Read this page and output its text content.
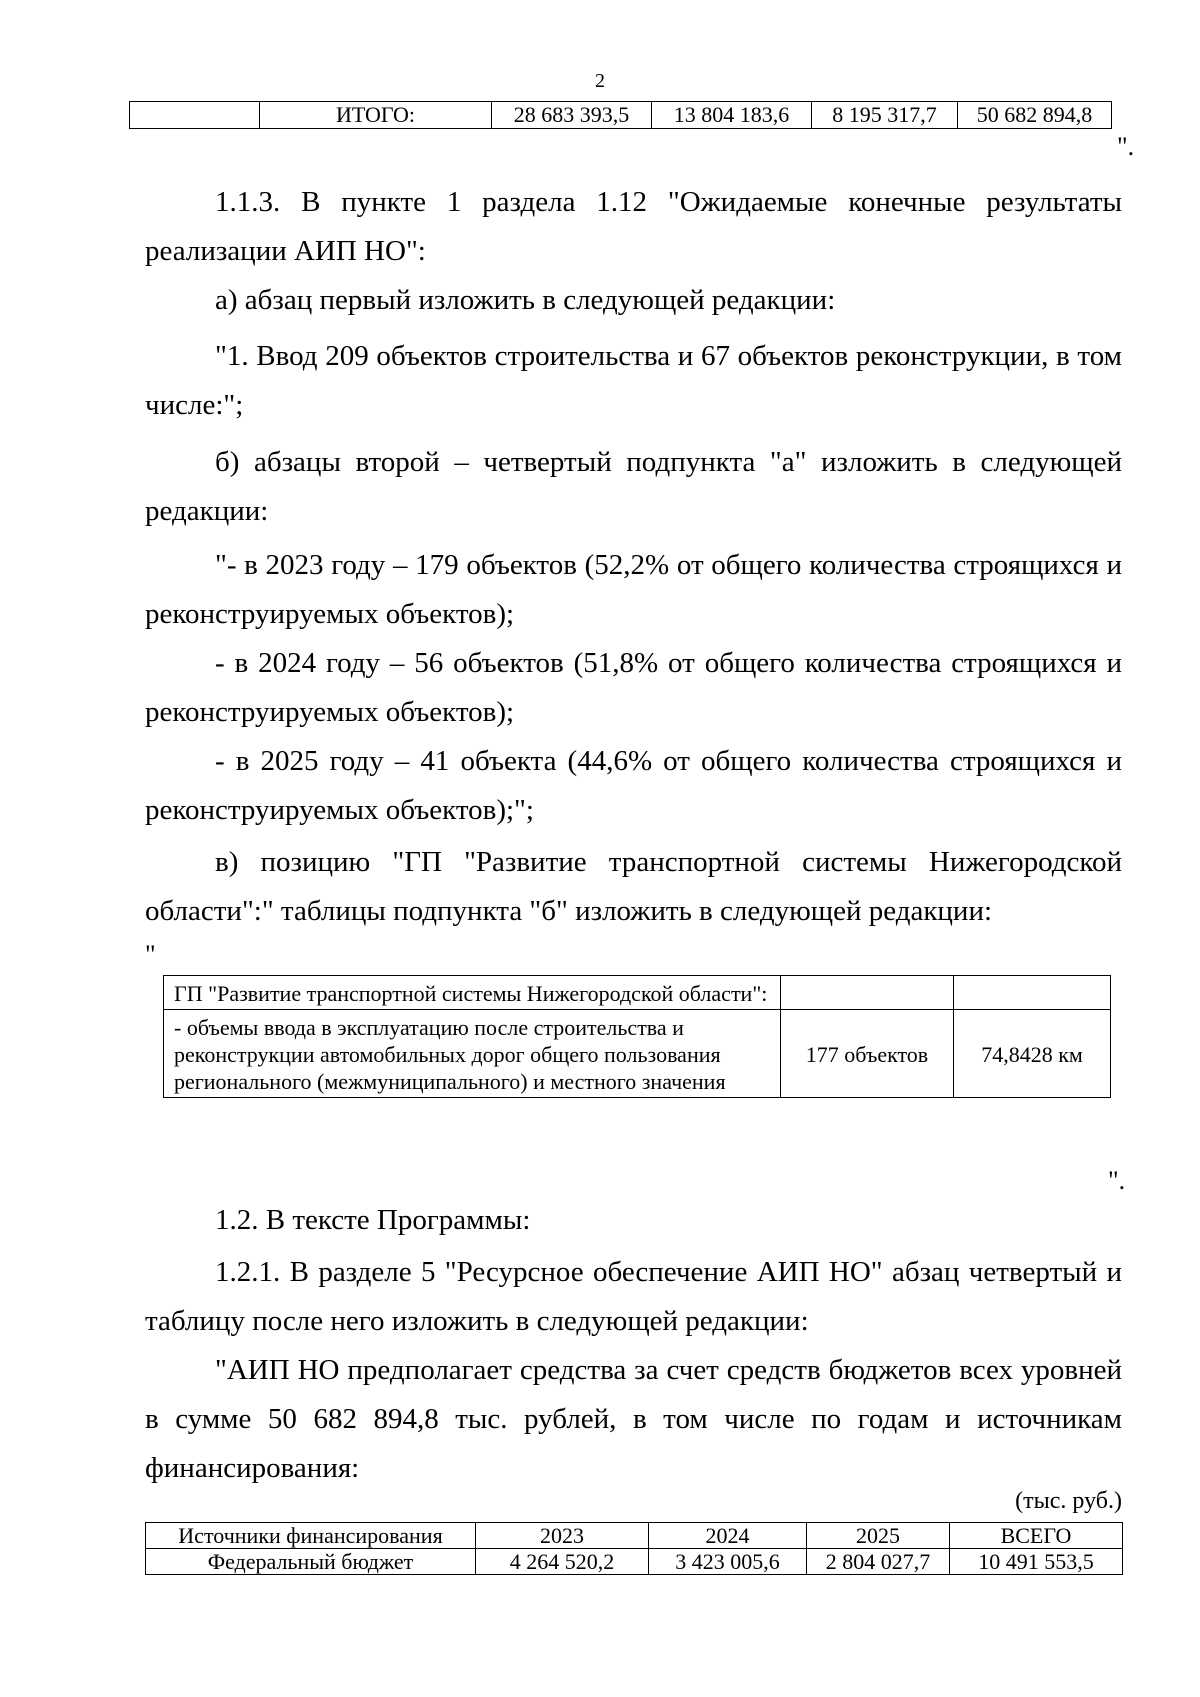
2
	ИТОГО:	28 683 393,5	13 804 183,6	8 195 317,7	50 682 894,8
".

1.1.3. В пункте 1 раздела 1.12 "Ожидаемые конечные результаты реализации АИП НО":

а) абзац первый изложить в следующей редакции:

"1. Ввод 209 объектов строительства и 67 объектов реконструкции, в том числе:";

б) абзацы второй – четвертый подпункта "а" изложить в следующей редакции:

"- в 2023 году – 179 объектов (52,2% от общего количества строящихся и реконструируемых объектов);

- в 2024 году – 56 объектов (51,8% от общего количества строящихся и реконструируемых объектов);

- в 2025 году – 41 объекта (44,6% от общего количества строящихся и реконструируемых объектов);";

в) позицию "ГП "Развитие транспортной системы Нижегородской области":" таблицы подпункта "б" изложить в следующей редакции:

"
ГП "Развитие транспортной системы Нижегородской области":		
- объемы ввода в эксплуатацию после строительства и реконструкции автомобильных дорог общего пользования регионального (межмуниципального) и местного значения	177 объектов	74,8428 км
".

1.2. В тексте Программы:

1.2.1. В разделе 5 "Ресурсное обеспечение АИП НО" абзац четвертый и таблицу после него изложить в следующей редакции:

"АИП НО предполагает средства за счет средств бюджетов всех уровней в сумме 50 682 894,8 тыс. рублей, в том числе по годам и источникам финансирования:

(тыс. руб.)
Источники финансирования	2023	2024	2025	ВСЕГО
Федеральный бюджет	4 264 520,2	3 423 005,6	2 804 027,7	10 491 553,5
